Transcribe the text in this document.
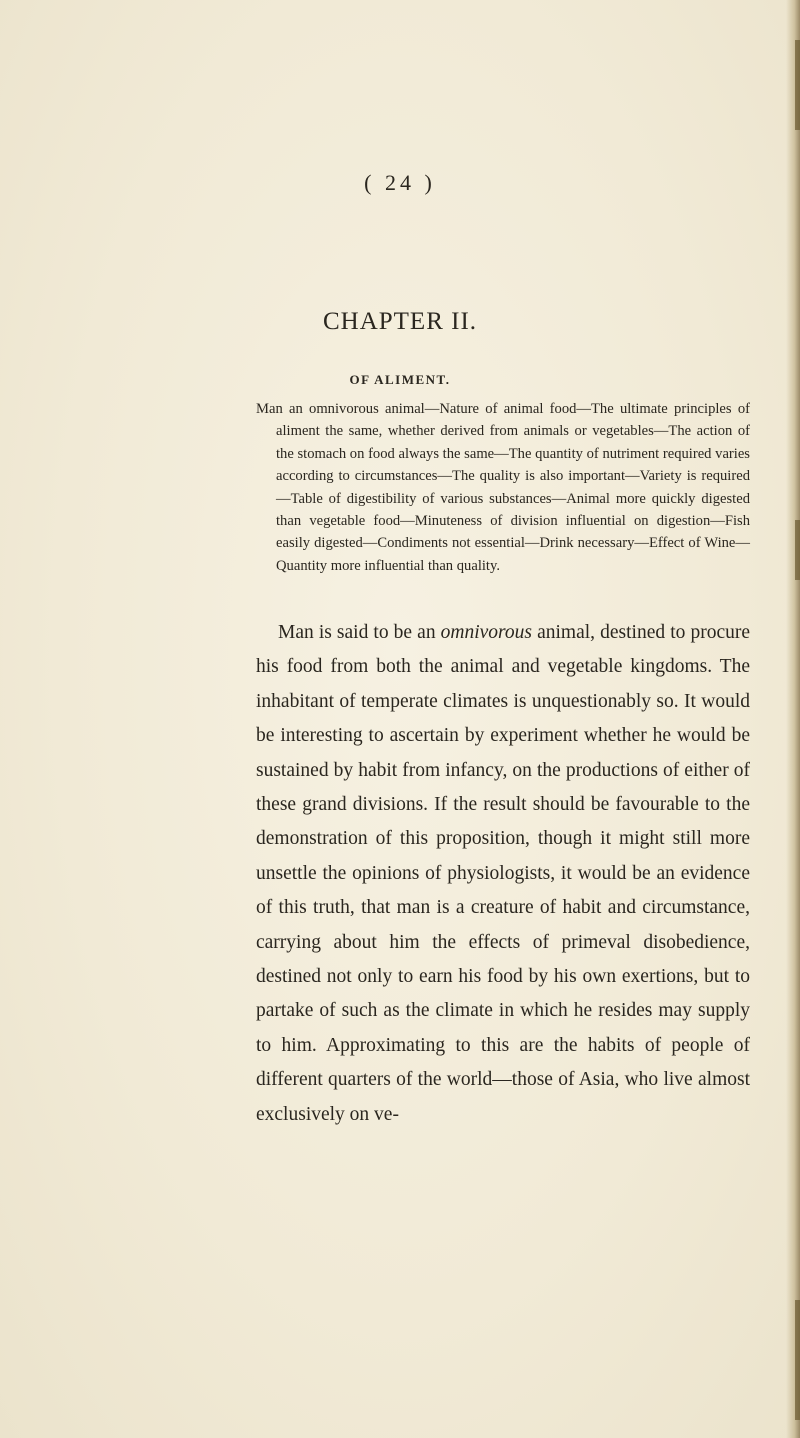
( 24 )
CHAPTER II.
OF ALIMENT.

Man an omnivorous animal—Nature of animal food—The ultimate principles of aliment the same, whether derived from animals or vegetables—The action of the stomach on food always the same—The quantity of nutriment required varies according to circumstances—The quality is also important—Variety is required—Table of digestibility of various substances—Animal more quickly digested than vegetable food—Minuteness of division influential on digestion—Fish easily digested—Condiments not essential—Drink necessary—Effect of Wine—Quantity more influential than quality.

Man is said to be an omnivorous animal, destined to procure his food from both the animal and vegetable kingdoms. The inhabitant of temperate climates is unquestionably so. It would be interesting to ascertain by experiment whether he would be sustained by habit from infancy, on the productions of either of these grand divisions. If the result should be favourable to the demonstration of this proposition, though it might still more unsettle the opinions of physiologists, it would be an evidence of this truth, that man is a creature of habit and circumstance, carrying about him the effects of primeval disobedience, destined not only to earn his food by his own exertions, but to partake of such as the climate in which he resides may supply to him. Approximating to this are the habits of people of different quarters of the world—those of Asia, who live almost exclusively on ve-
